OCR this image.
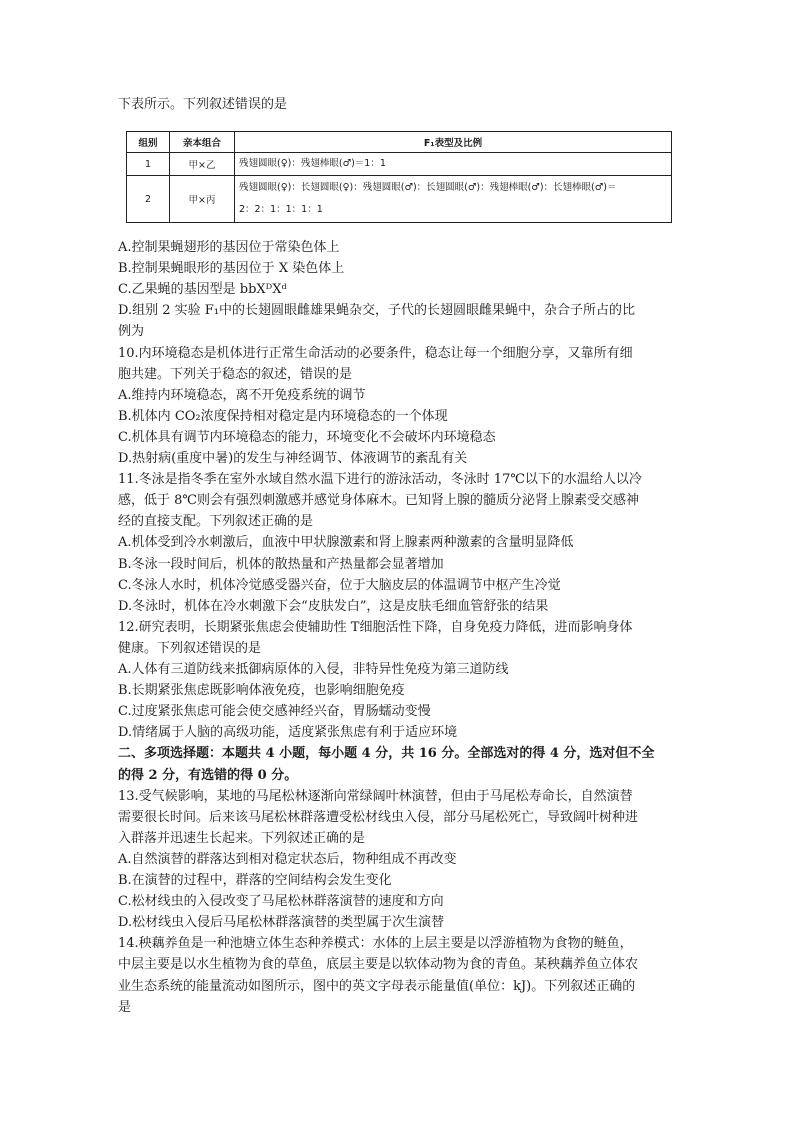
下表所示。下列叙述错误的是
组别	亲本组合	F₁表型及比例
1	甲×乙	残翅圆眼(♀)：残翅棒眼(♂)＝1：1

2	甲×丙	残翅圆眼(♀)：长翅圆眼(♀)：残翅圆眼(♂)：长翅圆眼(♂)：残翅棒眼(♂)：长翅棒眼(♂)＝
2：2：1：1：1：1
A.控制果蝇翅形的基因位于常染色体上
B.控制果蝇眼形的基因位于 X 染色体上
C.乙果蝇的基因型是 bbXᴰXᵈ
D.组别 2 实验 F₁中的长翅圆眼雌雄果蝇杂交，子代的长翅圆眼雌果蝇中，杂合子所占的比
例为
10.内环境稳态是机体进行正常生命活动的必要条件，稳态让每一个细胞分享，又靠所有细
胞共建。下列关于稳态的叙述，错误的是
A.维持内环境稳态，离不开免疫系统的调节
B.机体内 CO₂浓度保持相对稳定是内环境稳态的一个体现
C.机体具有调节内环境稳态的能力，环境变化不会破坏内环境稳态
D.热射病(重度中暑)的发生与神经调节、体液调节的紊乱有关
11.冬泳是指冬季在室外水域自然水温下进行的游泳活动，冬泳时 17℃以下的水温给人以冷
感，低于 8℃则会有强烈刺激感并感觉身体麻木。已知肾上腺的髓质分泌肾上腺素受交感神
经的直接支配。下列叙述正确的是
A.机体受到冷水刺激后，血液中甲状腺激素和肾上腺素两种激素的含量明显降低
B.冬泳一段时间后，机体的散热量和产热量都会显著增加
C.冬泳人水时，机体冷觉感受器兴奋，位于大脑皮层的体温调节中枢产生冷觉
D.冬泳时，机体在冷水刺激下会“皮肤发白”，这是皮肤毛细血管舒张的结果
12.研究表明，长期紧张焦虑会使辅助性 T细胞活性下降，自身免疫力降低，进而影响身体
健康。下列叙述错误的是
A.人体有三道防线来抵御病原体的入侵，非特异性免疫为第三道防线
B.长期紧张焦虑既影响体液免疫，也影响细胞免疫
C.过度紧张焦虑可能会使交感神经兴奋，胃肠蠕动变慢
D.情绪属于人脑的高级功能，适度紧张焦虑有利于适应环境
二、多项选择题：本题共 4 小题，每小题 4 分，共 16 分。全部选对的得 4 分，选对但不全
的得 2 分，有选错的得 0 分。
13.受气候影响，某地的马尾松林逐渐向常绿阔叶林演替，但由于马尾松寿命长，自然演替
需要很长时间。后来该马尾松林群落遭受松材线虫入侵，部分马尾松死亡，导致阔叶树种进
入群落并迅速生长起来。下列叙述正确的是
A.自然演替的群落达到相对稳定状态后，物种组成不再改变
B.在演替的过程中，群落的空间结构会发生变化
C.松材线虫的入侵改变了马尾松林群落演替的速度和方向
D.松材线虫入侵后马尾松林群落演替的类型属于次生演替
14.秧藕养鱼是一种池塘立体生态种养模式：水体的上层主要是以浮游植物为食物的鲢鱼，
中层主要是以水生植物为食的草鱼，底层主要是以软体动物为食的青鱼。某秧藕养鱼立体农
业生态系统的能量流动如图所示，图中的英文字母表示能量值(单位：kJ)。下列叙述正确的
是
